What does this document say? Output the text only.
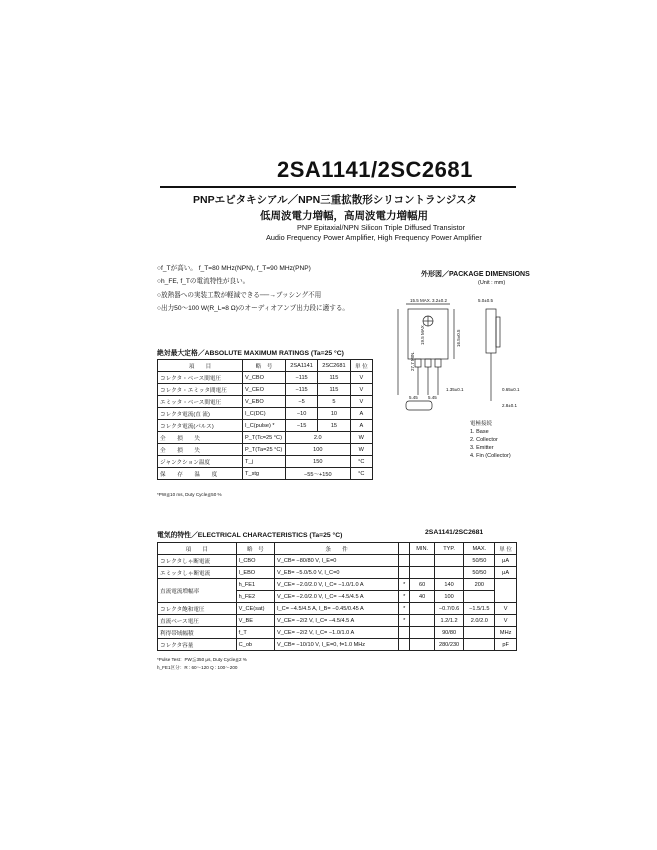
2SA1141/2SC2681
PNPエピタキシアル／NPN三重拡散形シリコントランジスタ
低周波電力増幅，高周波電力増幅用
PNP Epitaxial/NPN Silicon Triple Diffused Transistor
Audio Frequency Power Amplifier, High Frequency Power Amplifier
○f_Tが高い。 f_T=80 MHz(NPN), f_T=90 MHz(PNP)
○h_FE, f_Tの電流特性が良い。
○放熱器への実装工数が軽減できる──→ブッシング不用
○出力50～100 W(R_L=8 Ω)のオーディオアンプ出力段に適する。
外形図／PACKAGE DIMENSIONS
(Unit : mm)
15.5 MAX. 3.2±0.2	5.0±0.5
27.7 MIN.
19.5 MAX.	16.5±0.5
1.35±0.1	0.65±0.1
2.8±0.1
5.45 5.45
電極接続
1. Base
2. Collector
3. Emitter
4. Fin (Collector)
絶対最大定格／ABSOLUTE MAXIMUM RATINGS (Ta=25 °C)
項　　目	略　号	2SA1141	2SC2681	単 位
コレクタ・ベース間電圧	V_CBO	−115	115	V
コレクタ・エミッタ間電圧	V_CEO	−115	115	V
エミッタ・ベース間電圧	V_EBO	−5	5	V
コレクタ電流(直 流)	I_C(DC)	−10	10	A
コレクタ電流(パルス)	I_C(pulse) *	−15	15	A
全　損　失	P_T(Tc=25 °C)	2.0		W
全　損　失	P_T(Ta=25 °C)	100		W
ジャンクション温度	T_j	150		°C
保　存　温　度	T_stg	−55～+150		°C
*PW≦10 ms, Duty Cycle≦50 %
電気的特性／ELECTRICAL CHARACTERISTICS (Ta=25 °C)	2SA1141/2SC2681
項　　目	略　号	条　　件		MIN.	TYP.	MAX.	単 位
コレクタしゃ断電流	I_CBO	V_CB= −80/80 V, I_E=0				50/50	μA
エミッタしゃ断電流	I_EBO	V_EB= −5.0/5.0 V, I_C=0				50/50	μA
直流電流増幅率	h_FE1	V_CE= −2.0/2.0 V, I_C= −1.0/1.0 A	*	60	140	200	
	h_FE2	V_CE= −2.0/2.0 V, I_C= −4.5/4.5 A	*	40	100		
コレクタ飽和電圧	V_CE(sat)	I_C= −4.5/4.5 A, I_B= −0.45/0.45 A	*		−0.7/0.6	−1.5/1.5	V
直流ベース電圧	V_BE	V_CE= −2/2 V, I_C= −4.5/4.5 A	*		1.2/1.2	2.0/2.0	V
利得帯域幅積	f_T	V_CE= −2/2 V, I_C= −1.0/1.0 A			90/80		MHz
コレクタ容量	C_ob	V_CB= −10/10 V, I_E=0, f=1.0 MHz			280/230		pF
*Pulse Test：PW≦350 μs, Duty Cycle≦2 %
h_FE1区分：R : 60～120 Q : 100～200
